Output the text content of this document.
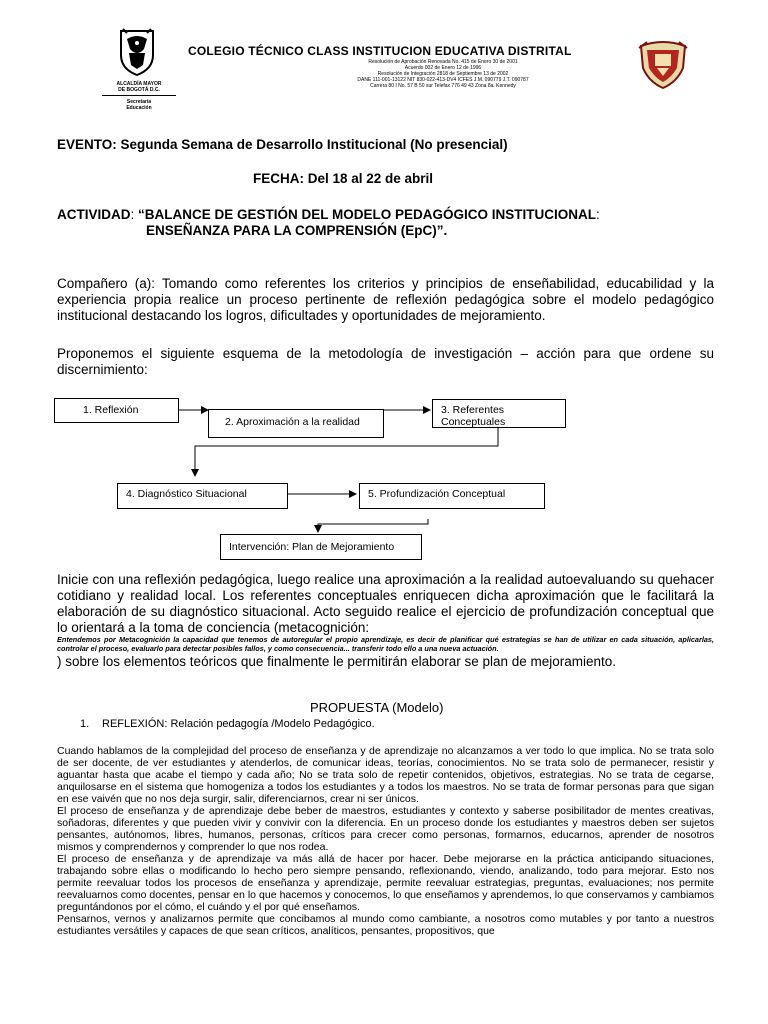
ALCALDÍA MAYOR
DE BOGOTÁ D.C.
Secretaría
Educación
COLEGIO TÉCNICO CLASS INSTITUCION EDUCATIVA DISTRITAL
Resolución de Aprobación Renovada No. 415 de Enero 30 de 2001
Acuerdo 002 de Enero 12 de 1996
Resolución de Integración 2818 de Septiembre 13 de 2002
DANE 111-001-13122 NIT 830-022-413-DV4 ICFES J.M. 090779 J.T. 090787
Carrera 80 I No. 57 B 50 sur Telefax 776 49 43 Zona 8a. Kennedy
EVENTO: Segunda Semana de Desarrollo Institucional (No presencial)
FECHA: Del 18 al 22 de abril
ACTIVIDAD: “BALANCE DE GESTIÓN DEL MODELO PEDAGÓGICO INSTITUCIONAL:
ENSEÑANZA PARA LA COMPRENSIÓN (EpC)”.
Compañero (a): Tomando como referentes los criterios y principios de enseñabilidad, educabilidad y la experiencia propia realice un proceso pertinente de reflexión pedagógica sobre el modelo pedagógico institucional destacando los logros, dificultades y oportunidades de mejoramiento.
Proponemos el siguiente esquema de la metodología de investigación – acción para que ordene su discernimiento:
1. Reflexión
2. Aproximación a la realidad
3. Referentes Conceptuales
4. Diagnóstico Situacional	5. Profundización Conceptual
Intervención: Plan de Mejoramiento
Inicie con una reflexión pedagógica, luego realice una aproximación a la realidad autoevaluando su quehacer cotidiano y realidad local. Los referentes conceptuales enriquecen dicha aproximación que le facilitará la elaboración de su diagnóstico situacional. Acto seguido realice el ejercicio de profundización conceptual que lo orientará a la toma de conciencia (metacognición:
Entendemos por Metacognición la capacidad que tenemos de autoregular el propio aprendizaje, es decir de planificar qué estrategias se han de utilizar en cada situación, aplicarlas, controlar el proceso, evaluarlo para detectar posibles fallos, y como consecuencia... transferir todo ello a una nueva actuación.
) sobre los elementos teóricos que finalmente le permitirán elaborar se plan de mejoramiento.
PROPUESTA (Modelo)
1. REFLEXIÓN: Relación pedagogía /Modelo Pedagógico.
Cuando hablamos de la complejidad del proceso de enseñanza y de aprendizaje no alcanzamos a ver todo lo que implica. No se trata solo de ser docente, de ver estudiantes y atenderlos, de comunicar ideas, teorías, conocimientos. No se trata solo de permanecer, resistir y aguantar hasta que acabe el tiempo y cada año; No se trata solo de repetir contenidos, objetivos, estrategias. No se trata de cegarse, anquilosarse en el sistema que homogeniza a todos los estudiantes y a todos los maestros. No se trata de formar personas para que sigan en ese vaivén que no nos deja surgir, salir, diferenciarnos, crear ni ser únicos.
El proceso de enseñanza y de aprendizaje debe beber de maestros, estudiantes y contexto y saberse posibilitador de mentes creativas, soñadoras, diferentes y que pueden vivir y convivir con la diferencia. En un proceso donde los estudiantes y maestros deben ser sujetos pensantes, autónomos, libres, humanos, personas, críticos para crecer como personas, formarnos, educarnos, aprender de nosotros mismos y comprendernos y comprender lo que nos rodea.
El proceso de enseñanza y de aprendizaje va más allá de hacer por hacer. Debe mejorarse en la práctica anticipando situaciones, trabajando sobre ellas o modificando lo hecho pero siempre pensando, reflexionando, viendo, analizando, todo para mejorar. Esto nos permite reevaluar todos los procesos de enseñanza y aprendizaje, permite reevaluar estrategias, preguntas, evaluaciones; nos permite reevaluarnos como docentes, pensar en lo que hacemos y conocemos, lo que enseñamos y aprendemos, lo que conservamos y cambiamos preguntándonos por el cómo, el cuándo y el por qué enseñamos.
Pensarnos, vernos y analizarnos permite que concibamos al mundo como cambiante, a nosotros como mutables y por tanto a nuestros estudiantes versátiles y capaces de que sean críticos, analíticos, pensantes, propositivos, que
